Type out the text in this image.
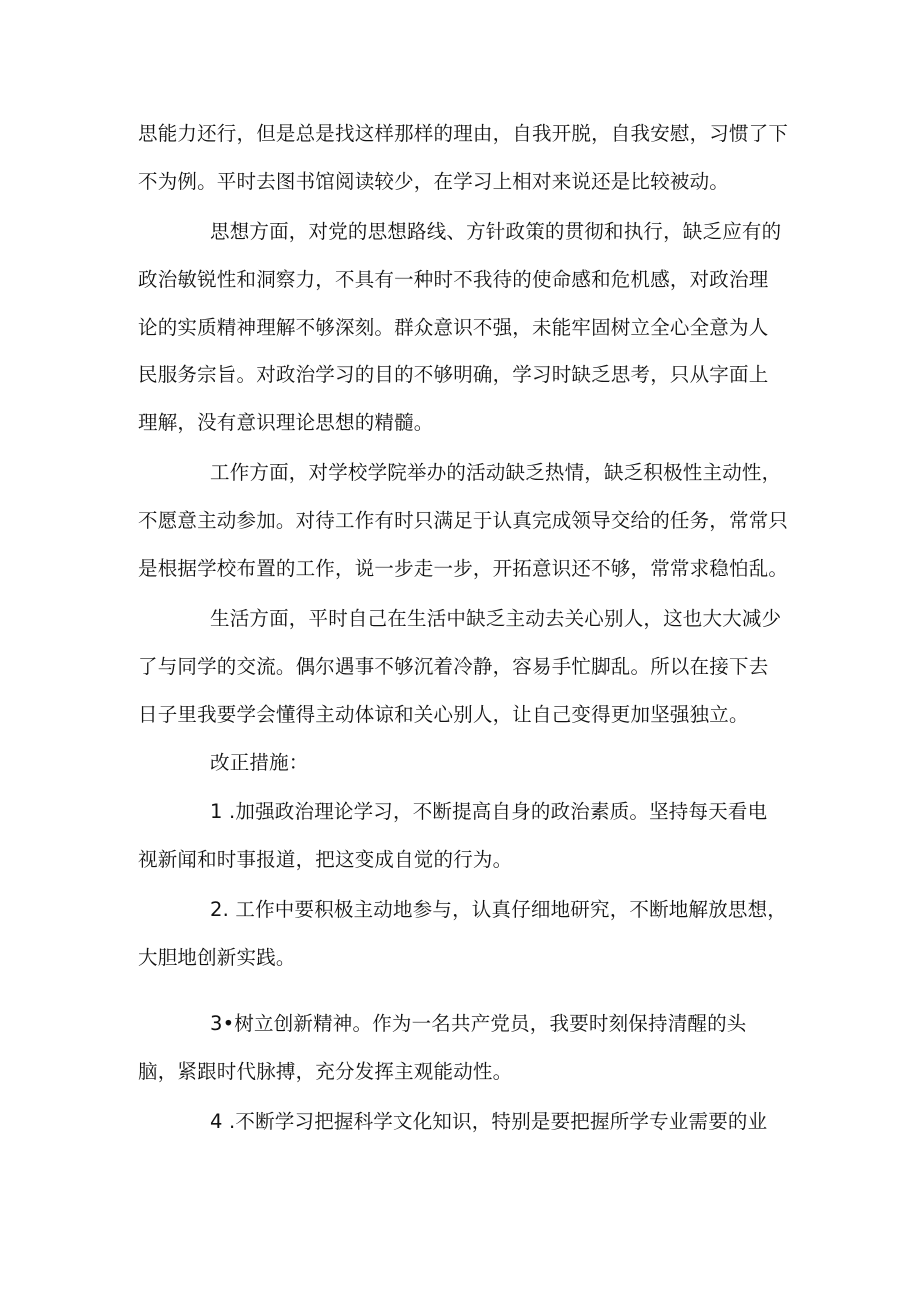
思能力还行，但是总是找这样那样的理由，自我开脱，自我安慰，习惯了下
不为例。平时去图书馆阅读较少，在学习上相对来说还是比较被动。
思想方面，对党的思想路线、方针政策的贯彻和执行，缺乏应有的
政治敏锐性和洞察力，不具有一种时不我待的使命感和危机感，对政治理
论的实质精神理解不够深刻。群众意识不强，未能牢固树立全心全意为人
民服务宗旨。对政治学习的目的不够明确，学习时缺乏思考，只从字面上
理解，没有意识理论思想的精髓。
工作方面，对学校学院举办的活动缺乏热情，缺乏积极性主动性，
不愿意主动参加。对待工作有时只满足于认真完成领导交给的任务，常常只
是根据学校布置的工作，说一步走一步，开拓意识还不够，常常求稳怕乱。
生活方面，平时自己在生活中缺乏主动去关心别人，这也大大减少
了与同学的交流。偶尔遇事不够沉着冷静，容易手忙脚乱。所以在接下去
日子里我要学会懂得主动体谅和关心别人，让自己变得更加坚强独立。
改正措施：
1 .加强政治理论学习，不断提高自身的政治素质。坚持每天看电
视新闻和时事报道，把这变成自觉的行为。
2. 工作中要积极主动地参与，认真仔细地研究，不断地解放思想，
大胆地创新实践。
3•树立创新精神。作为一名共产党员，我要时刻保持清醒的头
脑，紧跟时代脉搏，充分发挥主观能动性。
4 .不断学习把握科学文化知识，特别是要把握所学专业需要的业
